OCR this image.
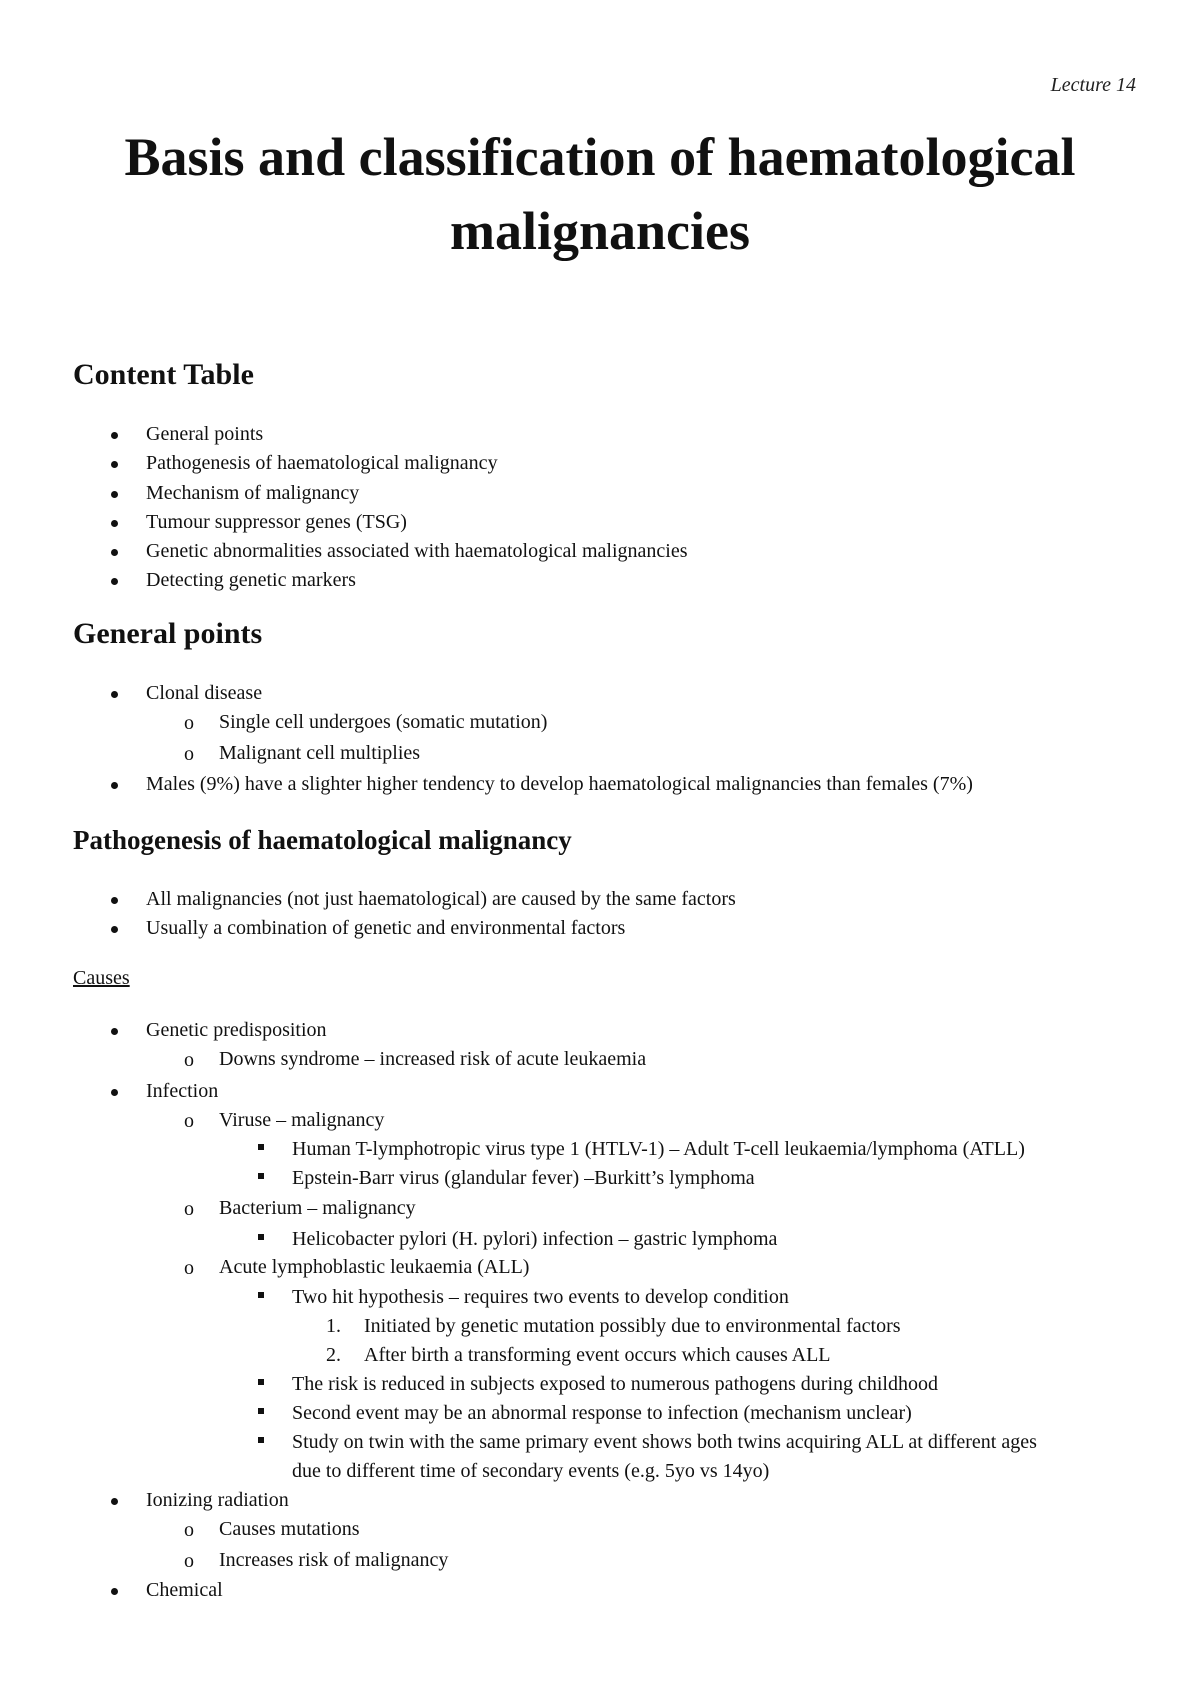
Lecture 14
Basis and classification of haematological
malignancies
Content Table
General points
Pathogenesis of haematological malignancy
Mechanism of malignancy
Tumour suppressor genes (TSG)
Genetic abnormalities associated with haematological malignancies
Detecting genetic markers
General points
Clonal disease
o Single cell undergoes (somatic mutation)
o Malignant cell multiplies
Males (9%) have a slighter higher tendency to develop haematological malignancies than females (7%)
Pathogenesis of haematological malignancy
All malignancies (not just haematological) are caused by the same factors
Usually a combination of genetic and environmental factors
Causes
Genetic predisposition
o Downs syndrome – increased risk of acute leukaemia
Infection
o Viruse – malignancy
Human T-lymphotropic virus type 1 (HTLV-1) – Adult T-cell leukaemia/lymphoma (ATLL)
Epstein-Barr virus (glandular fever) –Burkitt’s lymphoma
o Bacterium – malignancy
Helicobacter pylori (H. pylori) infection – gastric lymphoma
o Acute lymphoblastic leukaemia (ALL)
Two hit hypothesis – requires two events to develop condition
1. Initiated by genetic mutation possibly due to environmental factors
2. After birth a transforming event occurs which causes ALL
The risk is reduced in subjects exposed to numerous pathogens during childhood
Second event may be an abnormal response to infection (mechanism unclear)
Study on twin with the same primary event shows both twins acquiring ALL at different ages
due to different time of secondary events (e.g. 5yo vs 14yo)
Ionizing radiation
o Causes mutations
o Increases risk of malignancy
Chemical
